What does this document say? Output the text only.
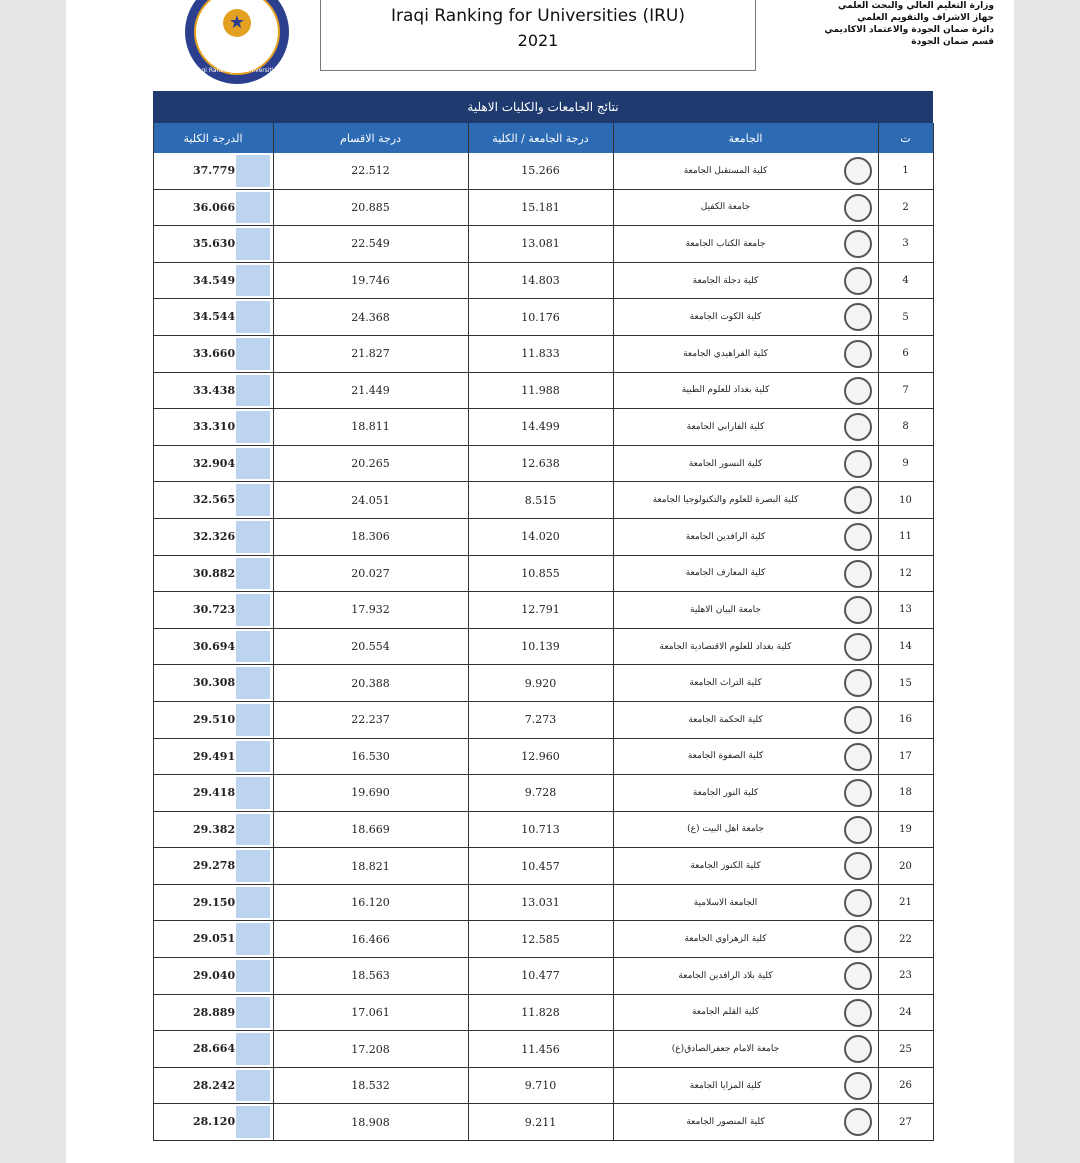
★
Iraqi Ranking for Universities
Iraqi Ranking for Universities (IRU)
2021
وزارة التعليم العالي والبحث العلمي
جهاز الاشراف والتقويم العلمي
دائرة ضمان الجودة والاعتماد الاكاديمي
قسم ضمان الجودة
نتائج الجامعات والكليات الاهلية
الدرجة الكلية	درجة الاقسام	درجة الجامعة / الكلية	الجامعة		ت

37.779	22.512	15.266	كلية المستقبل الجامعة		1

36.066	20.885	15.181	جامعة الكفيل		2

35.630	22.549	13.081	جامعة الكتاب الجامعة		3

34.549	19.746	14.803	كلية دجلة الجامعة		4

34.544	24.368	10.176	كلية الكوت الجامعة		5

33.660	21.827	11.833	كلية الفراهيدي الجامعة		6

33.438	21.449	11.988	كلية بغداد للعلوم الطبية		7

33.310	18.811	14.499	كلية الفارابي الجامعة		8

32.904	20.265	12.638	كلية النسور الجامعة		9

32.565	24.051	8.515	كلية البصرة للعلوم والتكنولوجيا الجامعة		10

32.326	18.306	14.020	كلية الرافدين الجامعة		11

30.882	20.027	10.855	كلية المعارف الجامعة		12

30.723	17.932	12.791	جامعة البيان الاهلية		13

30.694	20.554	10.139	كلية بغداد للعلوم الاقتصادية الجامعة		14

30.308	20.388	9.920	كلية التراث الجامعة		15

29.510	22.237	7.273	كلية الحكمة الجامعة		16

29.491	16.530	12.960	كلية الصفوة الجامعة		17

29.418	19.690	9.728	كلية النور الجامعة		18

29.382	18.669	10.713	جامعة اهل البيت (ع)		19

29.278	18.821	10.457	كلية الكنوز الجامعة		20

29.150	16.120	13.031	الجامعة الاسلامية		21

29.051	16.466	12.585	كلية الزهراوي الجامعة		22

29.040	18.563	10.477	كلية بلاد الرافدين الجامعة		23

28.889	17.061	11.828	كلية القلم الجامعة		24

28.664	17.208	11.456	جامعة الامام جعفرالصادق(ع)		25

28.242	18.532	9.710	كلية المزايا الجامعة		26

28.120	18.908	9.211	كلية المنصور الجامعة		27
